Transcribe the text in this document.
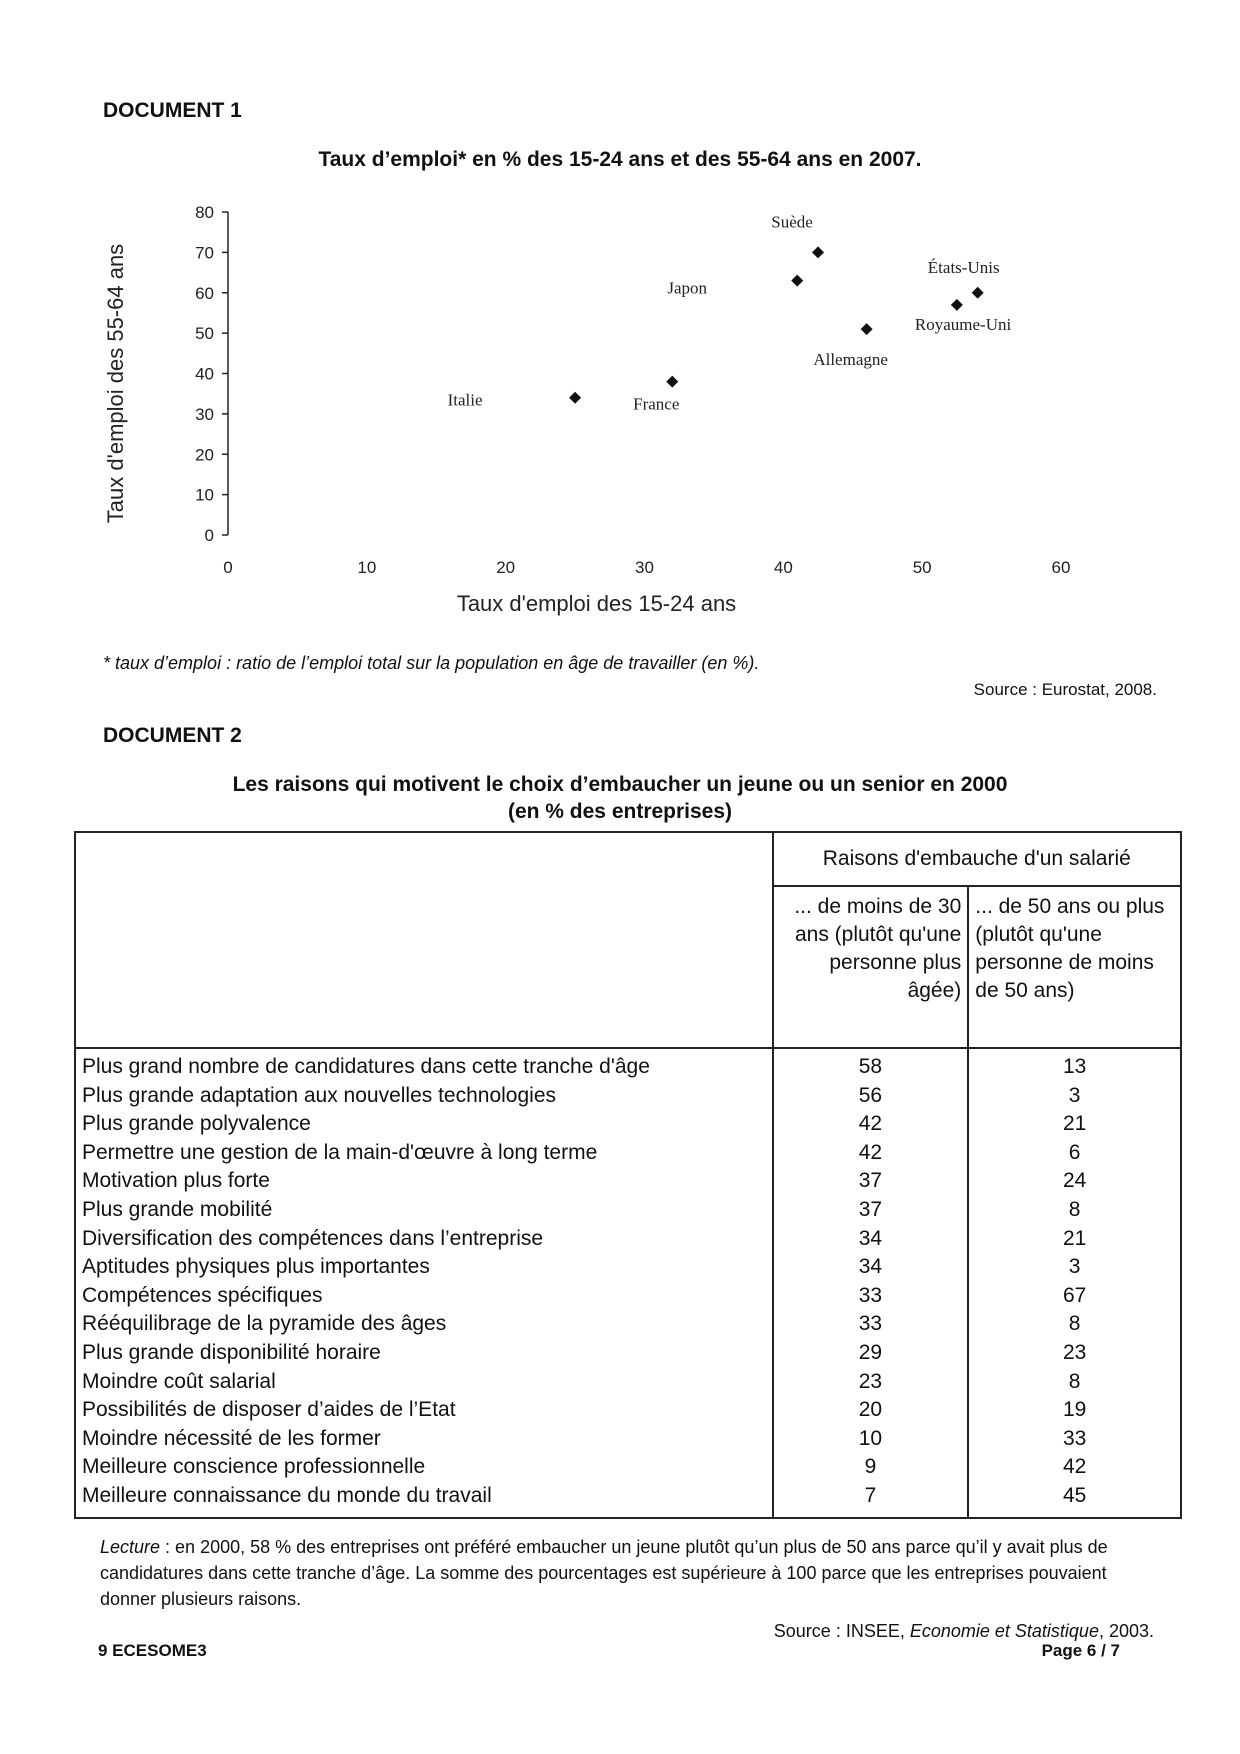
DOCUMENT 1
Taux d’emploi* en % des 15-24 ans et des 55-64 ans en 2007.
0
10
20
30
40
50
60
70
80
0	10	20	30	40	50	60
Taux d'emploi des 15-24 ans
Taux d'emploi des 55-64 ans	Italie	France
Japon
Suède
Allemagne
Royaume-Uni
États-Unis
* taux d’emploi : ratio de l’emploi total sur la population en âge de travailler (en %).
Source : Eurostat, 2008.
DOCUMENT 2
Les raisons qui motivent le choix d’embaucher un jeune ou un senior en 2000
(en % des entreprises)
	Raisons d'embauche d'un salarié	
	... de moins de 30 ans (plutôt qu'une personne plus âgée)	... de 50 ans ou plus (plutôt qu'une personne de moins de 50 ans)
Plus grand nombre de candidatures dans cette tranche d'âge	58	13
Plus grande adaptation aux nouvelles technologies	56	3
Plus grande polyvalence	42	21
Permettre une gestion de la main-d'œuvre à long terme	42	6
Motivation plus forte	37	24
Plus grande mobilité	37	8
Diversification des compétences dans l’entreprise	34	21
Aptitudes physiques plus importantes	34	3
Compétences spécifiques	33	67
Rééquilibrage de la pyramide des âges	33	8
Plus grande disponibilité horaire	29	23
Moindre coût salarial	23	8
Possibilités de disposer d’aides de l’Etat	20	19
Moindre nécessité de les former	10	33
Meilleure conscience professionnelle	9	42
Meilleure connaissance du monde du travail	7	45
Lecture : en 2000, 58 % des entreprises ont préféré embaucher un jeune plutôt qu’un plus de 50 ans parce qu’il y avait plus de candidatures dans cette tranche d’âge. La somme des pourcentages est supérieure à 100 parce que les entreprises pouvaient donner plusieurs raisons.
Source : INSEE, Economie et Statistique, 2003.
9 ECESOME3	Page 6 / 7
